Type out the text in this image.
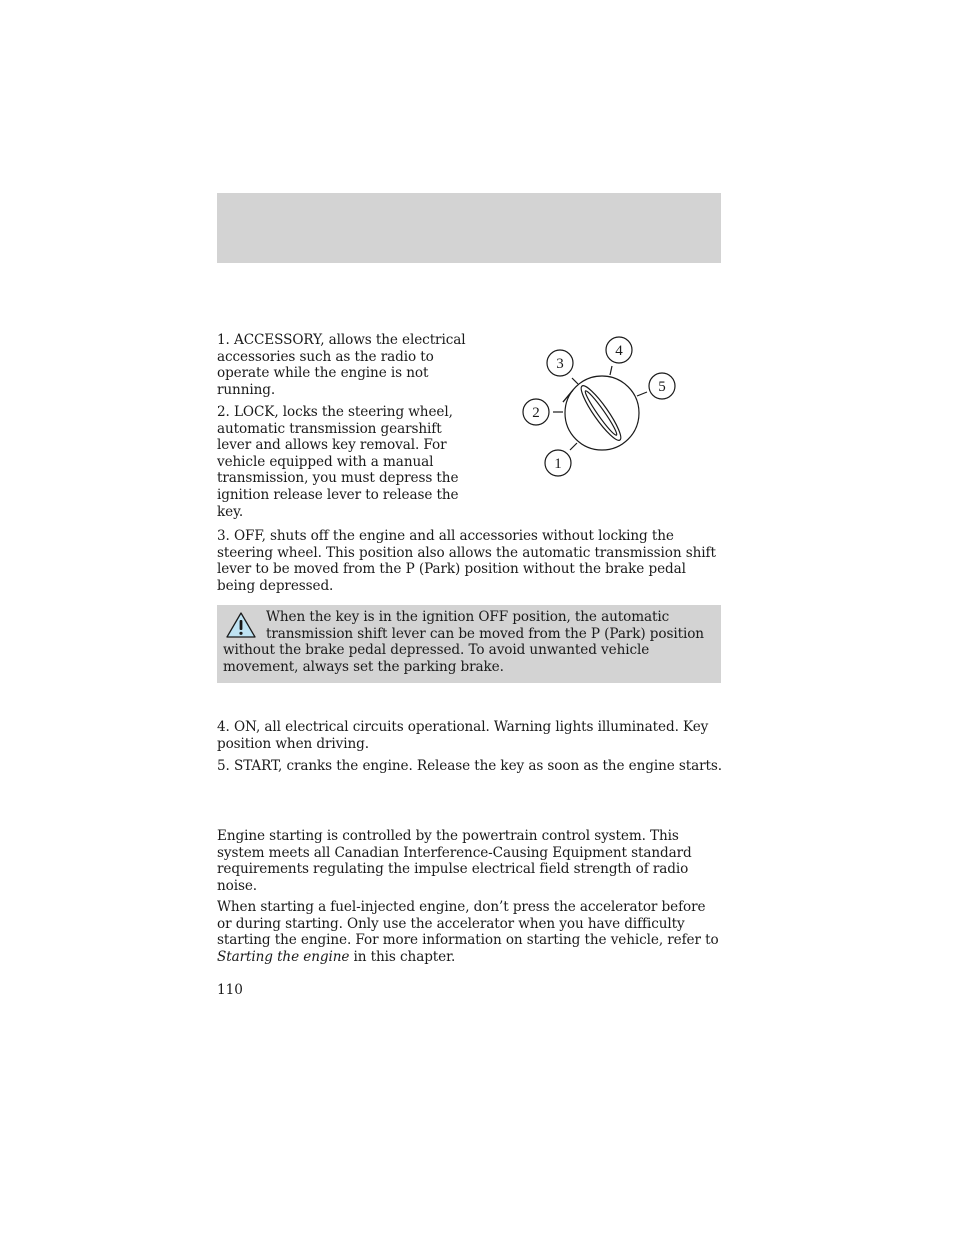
1. ACCESSORY, allows the electrical accessories such as the radio to operate while the engine is not running.

2. LOCK, locks the steering wheel, automatic transmission gearshift lever and allows key removal. For vehicle equipped with a manual transmission, you must depress the ignition release lever to release the key.

1
2
3
4
5

3. OFF, shuts off the engine and all accessories without locking the steering wheel. This position also allows the automatic transmission shift lever to be moved from the P (Park) position without the brake pedal being depressed.

When the key is in the ignition OFF position, the automatic transmission shift lever can be moved from the P (Park) position without the brake pedal depressed. To avoid unwanted vehicle movement, always set the parking brake.

4. ON, all electrical circuits operational. Warning lights illuminated. Key position when driving.

5. START, cranks the engine. Release the key as soon as the engine starts.

Engine starting is controlled by the powertrain control system. This system meets all Canadian Interference-Causing Equipment standard requirements regulating the impulse electrical field strength of radio noise.

When starting a fuel-injected engine, don’t press the accelerator before or during starting. Only use the accelerator when you have difficulty starting the engine. For more information on starting the vehicle, refer to Starting the engine in this chapter.

110
